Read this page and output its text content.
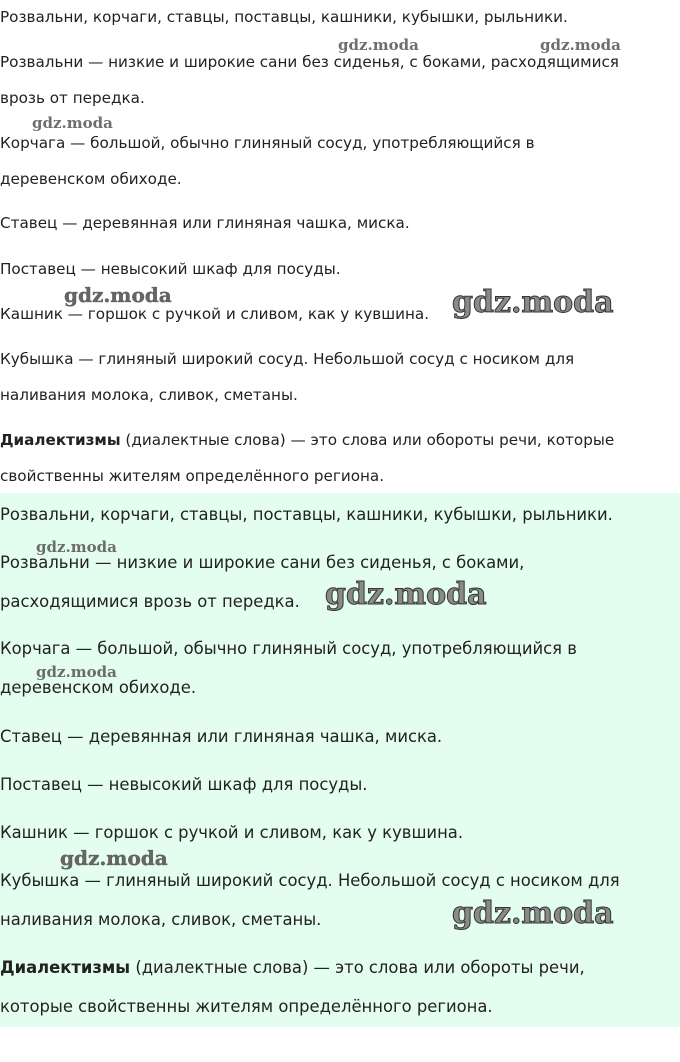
Розвальни, корчаги, ставцы, поставцы, кашники, кубышки, рыльники.

Розвальни — низкие и широкие сани без сиденья, с боками, расходящимися

врозь от передка.

Корчага — большой, обычно глиняный сосуд, употребляющийся в

деревенском обиходе.

Ставец — деревянная или глиняная чашка, миска.

Поставец — невысокий шкаф для посуды.

Кашник — горшок с ручкой и сливом, как у кувшина.

Кубышка — глиняный широкий сосуд. Небольшой сосуд с носиком для

наливания молока, сливок, сметаны.

Диалектизмы (диалектные слова) — это слова или обороты речи, которые

свойственны жителям определённого региона.

gdz.moda	gdz.moda
gdz.moda
gdz.moda	gdz.moda

Розвальни, корчаги, ставцы, поставцы, кашники, кубышки, рыльники.

Розвальни — низкие и широкие сани без сиденья, с боками,

расходящимися врозь от передка.

Корчага — большой, обычно глиняный сосуд, употребляющийся в

деревенском обиходе.

Ставец — деревянная или глиняная чашка, миска.

Поставец — невысокий шкаф для посуды.

Кашник — горшок с ручкой и сливом, как у кувшина.

Кубышка — глиняный широкий сосуд. Небольшой сосуд с носиком для

наливания молока, сливок, сметаны.

Диалектизмы (диалектные слова) — это слова или обороты речи,

которые свойственны жителям определённого региона.

gdz.moda
gdz.moda
gdz.moda
gdz.moda
gdz.moda
